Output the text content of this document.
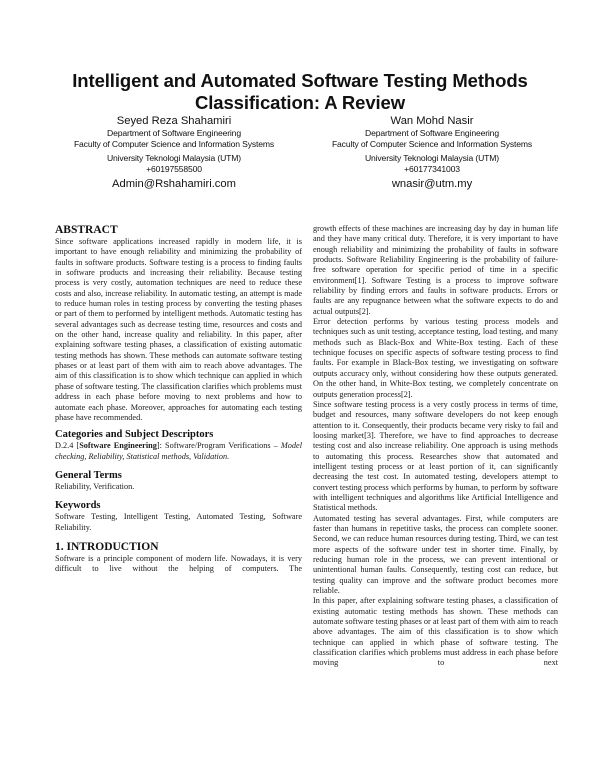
Intelligent and Automated Software Testing Methods
Classification: A Review
Seyed Reza Shahamiri
Department of Software Engineering
Faculty of Computer Science and Information Systems
University Teknologi Malaysia (UTM)
+60197558500
Admin@Rshahamiri.com
Wan Mohd Nasir
Department of Software Engineering
Faculty of Computer Science and Information Systems
University Teknologi Malaysia (UTM)
+60177341003
wnasir@utm.my
ABSTRACT

Since software applications increased rapidly in modern life, it is important to have enough reliability and minimizing the probability of faults in software products. Software testing is a process to finding faults in software products and increasing their reliability. Because testing process is very costly, automation techniques are need to reduce these costs and also, increase reliability. In automatic testing, an attempt is made to reduce human roles in testing process by converting the testing phases or part of them to performed by intelligent methods. Automatic testing has several advantages such as decrease testing time, resources and costs and on the other hand, increase quality and reliability. In this paper, after explaining software testing phases, a classification of existing automatic testing methods has shown. These methods can automate software testing phases or at least part of them with aim to reach above advantages. The aim of this classification is to show which technique can applied in which phase of software testing. The classification clarifies which problems must address in each phase before moving to next problems and how to automate each phase. Moreover, approaches for automating each testing phase have recommended.

Categories and Subject Descriptors

D.2.4 [Software Engineering]: Software/Program Verifications – Model checking, Reliability, Statistical methods, Validation.

General Terms

Reliability, Verification.

Keywords

Software Testing, Intelligent Testing, Automated Testing, Software Reliability.

1. INTRODUCTION

Software is a principle component of modern life. Nowadays, it is very difficult to live without the helping of computers. The

growth effects of these machines are increasing day by day in human life and they have many critical duty. Therefore, it is very important to have enough reliability and minimizing the probability of faults in software products. Software Reliability Engineering is the probability of failure-free software operation for specific period of time in a specific environment[1]. Software Testing is a process to improve software reliability by finding errors and faults in software products. Errors or faults are any repugnance between what the software expects to do and actual outputs[2].

Error detection performs by various testing process models and techniques such as unit testing, acceptance testing, load testing, and many methods such as Black-Box and White-Box testing. Each of these technique focuses on specific aspects of software testing process to find faults. For example in Black-Box testing, we investigating on software outputs accuracy only, without considering how these outputs generated. On the other hand, in White-Box testing, we completely concentrate on outputs generation process[2].

Since software testing process is a very costly process in terms of time, budget and resources, many software developers do not keep enough attention to it. Consequently, their products became very risky to fail and loosing market[3]. Therefore, we have to find approaches to decrease testing cost and also increase reliability. One approach is using methods to automating this process. Researches show that automated and intelligent testing process or at least portion of it, can significantly decreasing the test cost. In automated testing, developers attempt to convert testing process which performs by human, to perform by software with intelligent techniques and algorithms like Artificial Intelligence and Statistical methods.

Automated testing has several advantages. First, while computers are faster than humans in repetitive tasks, the process can complete sooner. Second, we can reduce human resources during testing. Third, we can test more aspects of the software under test in shorter time. Finally, by reducing human role in the process, we can prevent intentional or unintentional human faults. Consequently, testing cost can reduce, but testing quality can improve and the software product becomes more reliable.

In this paper, after explaining software testing phases, a classification of existing automatic testing methods has shown. These methods can automate software testing phases or at least part of them with aim to reach above advantages. The aim of this classification is to show which technique can applied in which phase of software testing. The classification clarifies which problems must address in each phase before moving to next
